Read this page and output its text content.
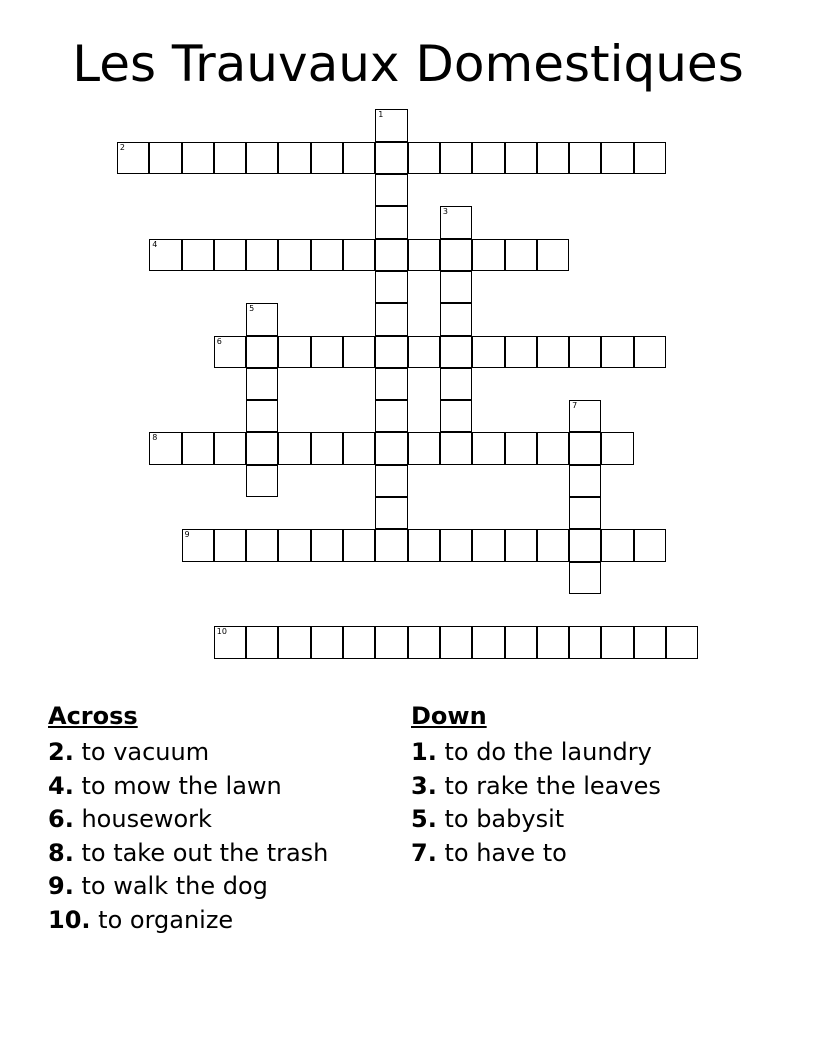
Les Trauvaux Domestiques
1
2
3
4
5
6
7
8
9
10
Across
2. to vacuum
4. to mow the lawn
6. housework
8. to take out the trash
9. to walk the dog
10. to organize
Down
1. to do the laundry
3. to rake the leaves
5. to babysit
7. to have to
